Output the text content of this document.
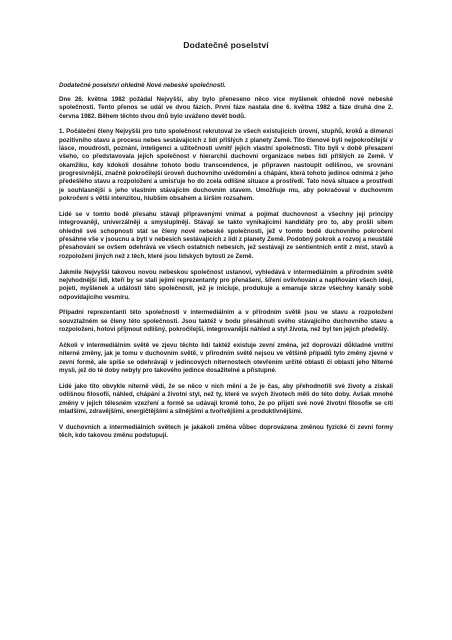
Dodatečné poselství

Dodatečné poselství ohledně Nové nebeské společnosti.

Dne 26. května 1982 požádal Nejvyšší, aby bylo přeneseno něco více myšlenek ohledně nové nebeské společnosti. Tento přenos se udál ve dvou fázích. První fáze nastala dne 6. května 1982 a fáze druhá dne 2. června 1982. Během těchto dvou dnů bylo uváženo devět bodů.

1. Počáteční členy Nejvyšší pro tuto společnost rekrutoval ze všech existujících úrovní, stupňů, kroků a dimenzí pozitivního stavu a procesu nebes sestávajících z lidí přišlých z planety Země. Tito členové byli nejpokročilejší v lásce, moudrosti, poznání, inteligenci a užitečnosti uvnitř jejich vlastní společnosti. Tito byli v době přesazení všeho, co představovala jejich společnost v hierarchii duchovní organizace nebes lidí přišlých ze Země. V okamžiku, kdy kdokoli dosáhne tohoto bodu transcendence, je připraven nastoupit odlišnou, ve srovnání progresivnější, značně pokročilejší úroveň duchovního uvědomění a chápání, která tohoto jedince odnímá z jeho předešlého stavu a rozpoložení a umisťuje ho do zcela odlišné situace a prostředí. Tato nová situace a prostředí je souhlasnější s jeho vlastním stávajícím duchovním stavem. Umožňuje mu, aby pokračoval v duchovním pokročení s větší intenzitou, hlubším obsahem a širším rozsahem.

Lidé se v tomto bodě přesahu stávají připravenými vnímat a pojímat duchovnost a všechny její principy integrovaněji, univerzálněji a smysluplněji. Stávají se takto vynikajícími kandidáty pro to, aby prošli sítem ohledně své schopnosti stát se členy nové nebeské společnosti, jež v tomto bodě duchovního pokročení přesáhne vše v jsoucnu a bytí v nebesích sestávajících z lidí z planety Země. Podobný pokrok a rozvoj a neustálé přesahování se ovšem odehrává ve všech ostatních nebesích, jež sestávají ze sentientních entit z míst, stavů a rozpoložení jiných než z těch, které jsou lidských bytostí ze Země.

Jakmile Nejvyšší takovou novou nebeskou společnost ustanoví, vyhledává v intermediálním a přírodním světě nejvhodnější lidi, kteří by se stali jejími reprezentanty pro přenášení, šíření ovlivňování a naplňování všech idejí, pojetí, myšlenek a událostí této společnosti, jež je iniciuje, produkuje a emanuje skrze všechny kanály sobě odpovídajícího vesmíru.

Případní reprezentanti této společnosti v intermediálním a v přírodním světě jsou ve stavu a rozpoložení souvztažném se členy této společnosti. Jsou taktéž v bodu přesáhnutí svého stávajícího duchovního stavu a rozpoložení, hotovi přijmout odlišný, pokročilejší, integrovanější náhled a styl života, než byl ten jejich předešlý.

Ačkoli v intermediálním světě ve zjevu těchto lidí taktéž existuje zevní změna, jež doprovází důkladné vnitřní niterné změny, jak je tomu v duchovním světě, v přírodním světě nejsou ve většině případů tyto změny zjevné v zevní formě, ale spíše se odehrávají v jedincových niternostech otevřením určité oblasti či oblastí jeho Niterné mysli, jež do té doby nebyly pro takového jedince dosažitelné a přístupné.

Lidé jako tito obvykle niterně vědí, že se něco v nich mění a že je čas, aby přehodnotili své životy a získali odlišnou filosofii, náhled, chápání a životní styl, než ty, které ve svých životech měli do této doby. Avšak mnohé změny v jejich tělesném vzezření a formě se udávají kromě toho, že po přijetí své nové životní filosofie se cítí mladšími, zdravějšími, energičtějšími a silnějšími a tvořivějšími a produktivnějšími.

V duchovních a intermediálních světech je jakákoli změna vůbec doprovázena změnou fyzické či zevní formy těch, kdo takovou změnu podstupují.
